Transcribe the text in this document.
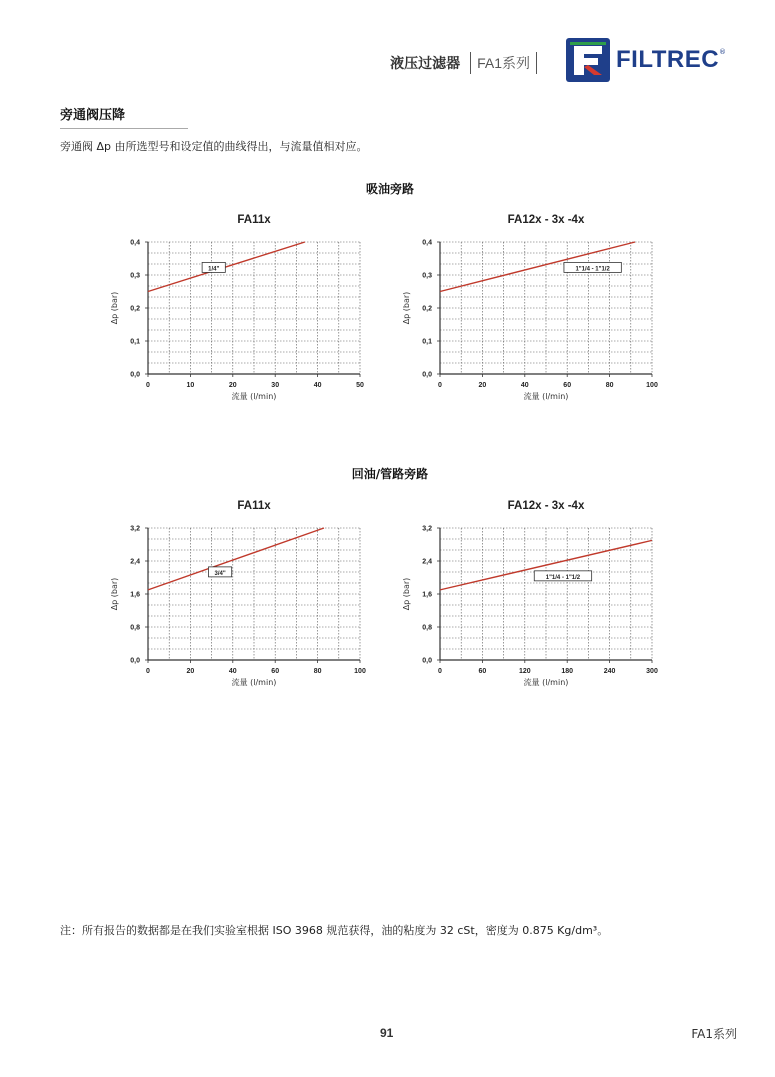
液压过滤器 FA1系列	FILTREC ®
旁通阀压降
旁通阀 Δp 由所选型号和设定值的曲线得出，与流量值相对应。
吸油旁路
回油/管路旁路
FA11x
0,0
0,1
0,2
0,3
0,4
0	10	20	30	40	50
流量 (l/min)
Δp (bar)
1/4"
FA12x - 3x -4x
0,0
0,1
0,2
0,3
0,4
0	20	40	60	80	100
流量 (l/min)
Δp (bar)
1"1/4 - 1"1/2
FA11x
0,0
0,8
1,6
2,4
3,2
0	20	40	60	80	100
流量 (l/min)
Δp (bar)
3/4"
FA12x - 3x -4x
0,0
0,8
1,6
2,4
3,2
0	60	120	180	240	300
流量 (l/min)
Δp (bar)	1"1/4 - 1"1/2
注：所有报告的数据都是在我们实验室根据 ISO 3968 规范获得，油的粘度为 32 cSt，密度为 0.875 Kg/dm³。
91	FA1系列
